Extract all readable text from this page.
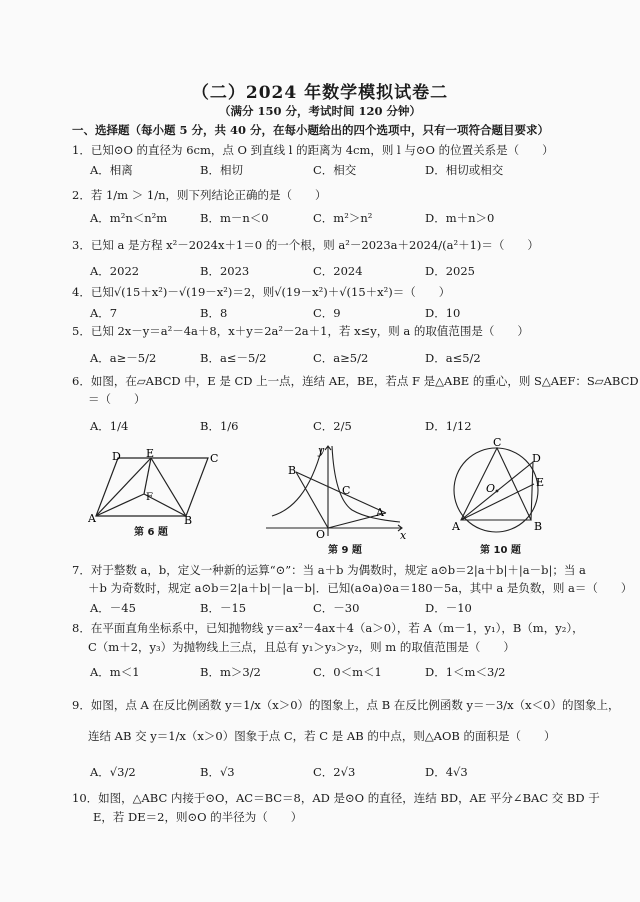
（二）2024 年数学模拟试卷二
（满分 150 分，考试时间 120 分钟）
一、选择题（每小题 5 分，共 40 分，在每小题给出的四个选项中，只有一项符合题目要求）
1．已知⊙O 的直径为 6cm，点 O 到直线 l 的距离为 4cm，则 l 与⊙O 的位置关系是（　　）
A．相离	B．相切	C．相交	D．相切或相交
2．若 1/m ＞ 1/n，则下列结论正确的是（　　）
A．m²n＜n²m	B．m－n＜0	C．m²＞n²	D．m＋n＞0
3．已知 a 是方程 x²－2024x＋1＝0 的一个根，则 a²－2023a＋2024/(a²＋1)＝（　　）
A．2022	B．2023	C．2024	D．2025
4．已知√(15＋x²)－√(19－x²)＝2，则√(19－x²)＋√(15＋x²)＝（　　）
A．7	B．8	C．9	D．10
5．已知 2x－y＝a²－4a＋8，x＋y＝2a²－2a＋1，若 x≤y，则 a 的取值范围是（　　）
A．a≥－5/2	B．a≤－5/2	C．a≥5/2	D．a≤5/2
6．如图，在▱ABCD 中，E 是 CD 上一点，连结 AE，BE，若点 F 是△ABE 的重心，则 S△AEF：S▱ABCD
＝（　　）
A．1/4	B．1/6	C．2/5	D．1/12
D E	C
F
A	B
第 6 题
y
B
C
A
O	x
第 9 题
C
D
O	E
A	B
第 10 题
7．对于整数 a，b，定义一种新的运算“⊙”：当 a＋b 为偶数时，规定 a⊙b＝2|a＋b|＋|a－b|；当 a
＋b 为奇数时，规定 a⊙b＝2|a＋b|－|a－b|．已知(a⊙a)⊙a＝180－5a，其中 a 是负数，则 a＝（　　）
A．－45	B．－15	C．－30	D．－10
8．在平面直角坐标系中，已知抛物线 y＝ax²－4ax＋4（a＞0），若 A（m－1，y₁），B（m，y₂），
C（m＋2，y₃）为抛物线上三点，且总有 y₁＞y₃＞y₂，则 m 的取值范围是（　　）
A．m＜1	B．m＞3/2	C．0＜m＜1	D．1＜m＜3/2
9．如图，点 A 在反比例函数 y＝1/x（x＞0）的图象上，点 B 在反比例函数 y＝－3/x（x＜0）的图象上，
连结 AB 交 y＝1/x（x＞0）图象于点 C，若 C 是 AB 的中点，则△AOB 的面积是（　　）
A．√3/2	B．√3	C．2√3	D．4√3
10．如图，△ABC 内接于⊙O，AC＝BC＝8，AD 是⊙O 的直径，连结 BD，AE 平分∠BAC 交 BD 于
E，若 DE＝2，则⊙O 的半径为（　　）
